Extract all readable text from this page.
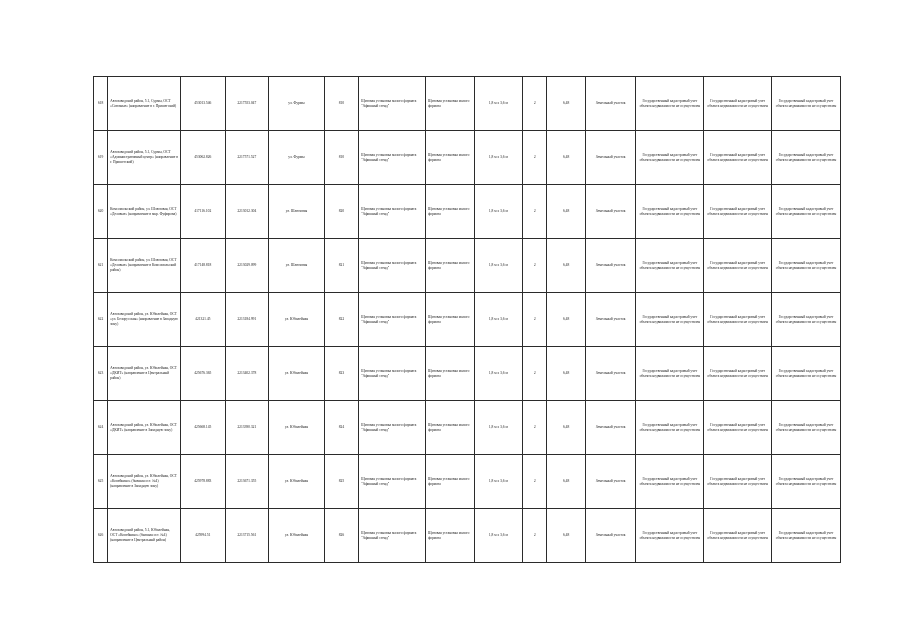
618	Автозаводский район, 5.1, Сурмы, ОСТ «Союзные» (направление в г. Пришегский)	453013.546	2217553.047	ул. Фурмы	810	Щитовая установка малого формата "Афишный стенд"	Щитовая установка малого формата	1,8 м х 3,6 м	2	6,48	Земельный участок	Государственный кадастровый учет объекта недвижимости не осуществлен	Государственный кадастровый учет объекта недвижимости не осуществлен	Государственный кадастровый учет объекта недвижимости не осуществлен
619	Автозаводский район, 5.1, Сурмы, ОСТ «Административный центр» (направление в г. Пришегский)	453062.826	2217571.527	ул. Фурмы	810	Щитовая установка малого формата "Афишный стенд"	Щитовая установка малого формата	1,8 м х 3,6 м	2	6,48	Земельный участок	Государственный кадастровый учет объекта недвижимости не осуществлен	Государственный кадастровый учет объекта недвижимости не осуществлен	Государственный кадастровый учет объекта недвижимости не осуществлен
620	Комсомольский район, ул. Шлюзовая, ОСТ «Деловые» (направление в мкр. Фуфирова)	417116.102	2213012.304	ул. Шлюзовая	820	Щитовая установка малого формата "Афишный стенд"	Щитовая установка малого формата	1,8 м х 3,6 м	2	6,48	Земельный участок	Государственный кадастровый учет объекта недвижимости не осуществлен	Государственный кадастровый учет объекта недвижимости не осуществлен	Государственный кадастровый учет объекта недвижимости не осуществлен
621	Комсомольский район, ул. Шлюзовая, ОСТ «Деловые» (направление в Комсомольский район)	417148.818	2213029.099	ул. Шлюзовая	821	Щитовая установка малого формата "Афишный стенд"	Щитовая установка малого формата	1,8 м х 3,6 м	2	6,48	Земельный участок	Государственный кадастровый учет объекта недвижимости не осуществлен	Государственный кадастровый учет объекта недвижимости не осуществлен	Государственный кадастровый учет объекта недвижимости не осуществлен
622	Автозаводский район, ул. Юбилейная, ОСТ «ул. Белорусская» (направление в Западную зону)	421321.45	2213184.991	ул. Юбилейная	822	Щитовая установка малого формата "Афишный стенд"	Щитовая установка малого формата	1,8 м х 3,6 м	2	6,48	Земельный участок	Государственный кадастровый учет объекта недвижимости не осуществлен	Государственный кадастровый учет объекта недвижимости не осуществлен	Государственный кадастровый учет объекта недвижимости не осуществлен
623	Автозаводский район, ул. Юбилейная, ОСТ «ДКИТ» (направление в Центральный район)	425676.365	2213402.378	ул. Юбилейная	823	Щитовая установка малого формата "Афишный стенд"	Щитовая установка малого формата	1,8 м х 3,6 м	2	6,48	Земельный участок	Государственный кадастровый учет объекта недвижимости не осуществлен	Государственный кадастровый учет объекта недвижимости не осуществлен	Государственный кадастровый учет объекта недвижимости не осуществлен
624	Автозаводский район, ул. Юбилейная, ОСТ «ДКИТ» (направление в Западную зону)	425668.145	2213390.321	ул. Юбилейная	824	Щитовая установка малого формата "Афишный стенд"	Щитовая установка малого формата	1,8 м х 3,6 м	2	6,48	Земельный участок	Государственный кадастровый учет объекта недвижимости не осуществлен	Государственный кадастровый учет объекта недвижимости не осуществлен	Государственный кадастровый учет объекта недвижимости не осуществлен
625	Автозаводский район, ул. Юбилейная, ОСТ «Копейкино» (бывшая ост. №4) (направление в Западную зону)	425978.883	2213671.355	ул. Юбилейная	825	Щитовая установка малого формата "Афишный стенд"	Щитовая установка малого формата	1,8 м х 3,6 м	2	6,48	Земельный участок	Государственный кадастровый учет объекта недвижимости не осуществлен	Государственный кадастровый учет объекта недвижимости не осуществлен	Государственный кадастровый учет объекта недвижимости не осуществлен
626	Автозаводский район, 5.1, Юбилейная, ОСТ «Копейкино» (бывшая ост. №4) (направление в Центральный район)	425994.51	2213715.561	ул. Юбилейная	826	Щитовая установка малого формата "Афишный стенд"	Щитовая установка малого формата	1,8 м х 3,6 м	2	6,48	Земельный участок	Государственный кадастровый учет объекта недвижимости не осуществлен	Государственный кадастровый учет объекта недвижимости не осуществлен	Государственный кадастровый учет объекта недвижимости не осуществлен
